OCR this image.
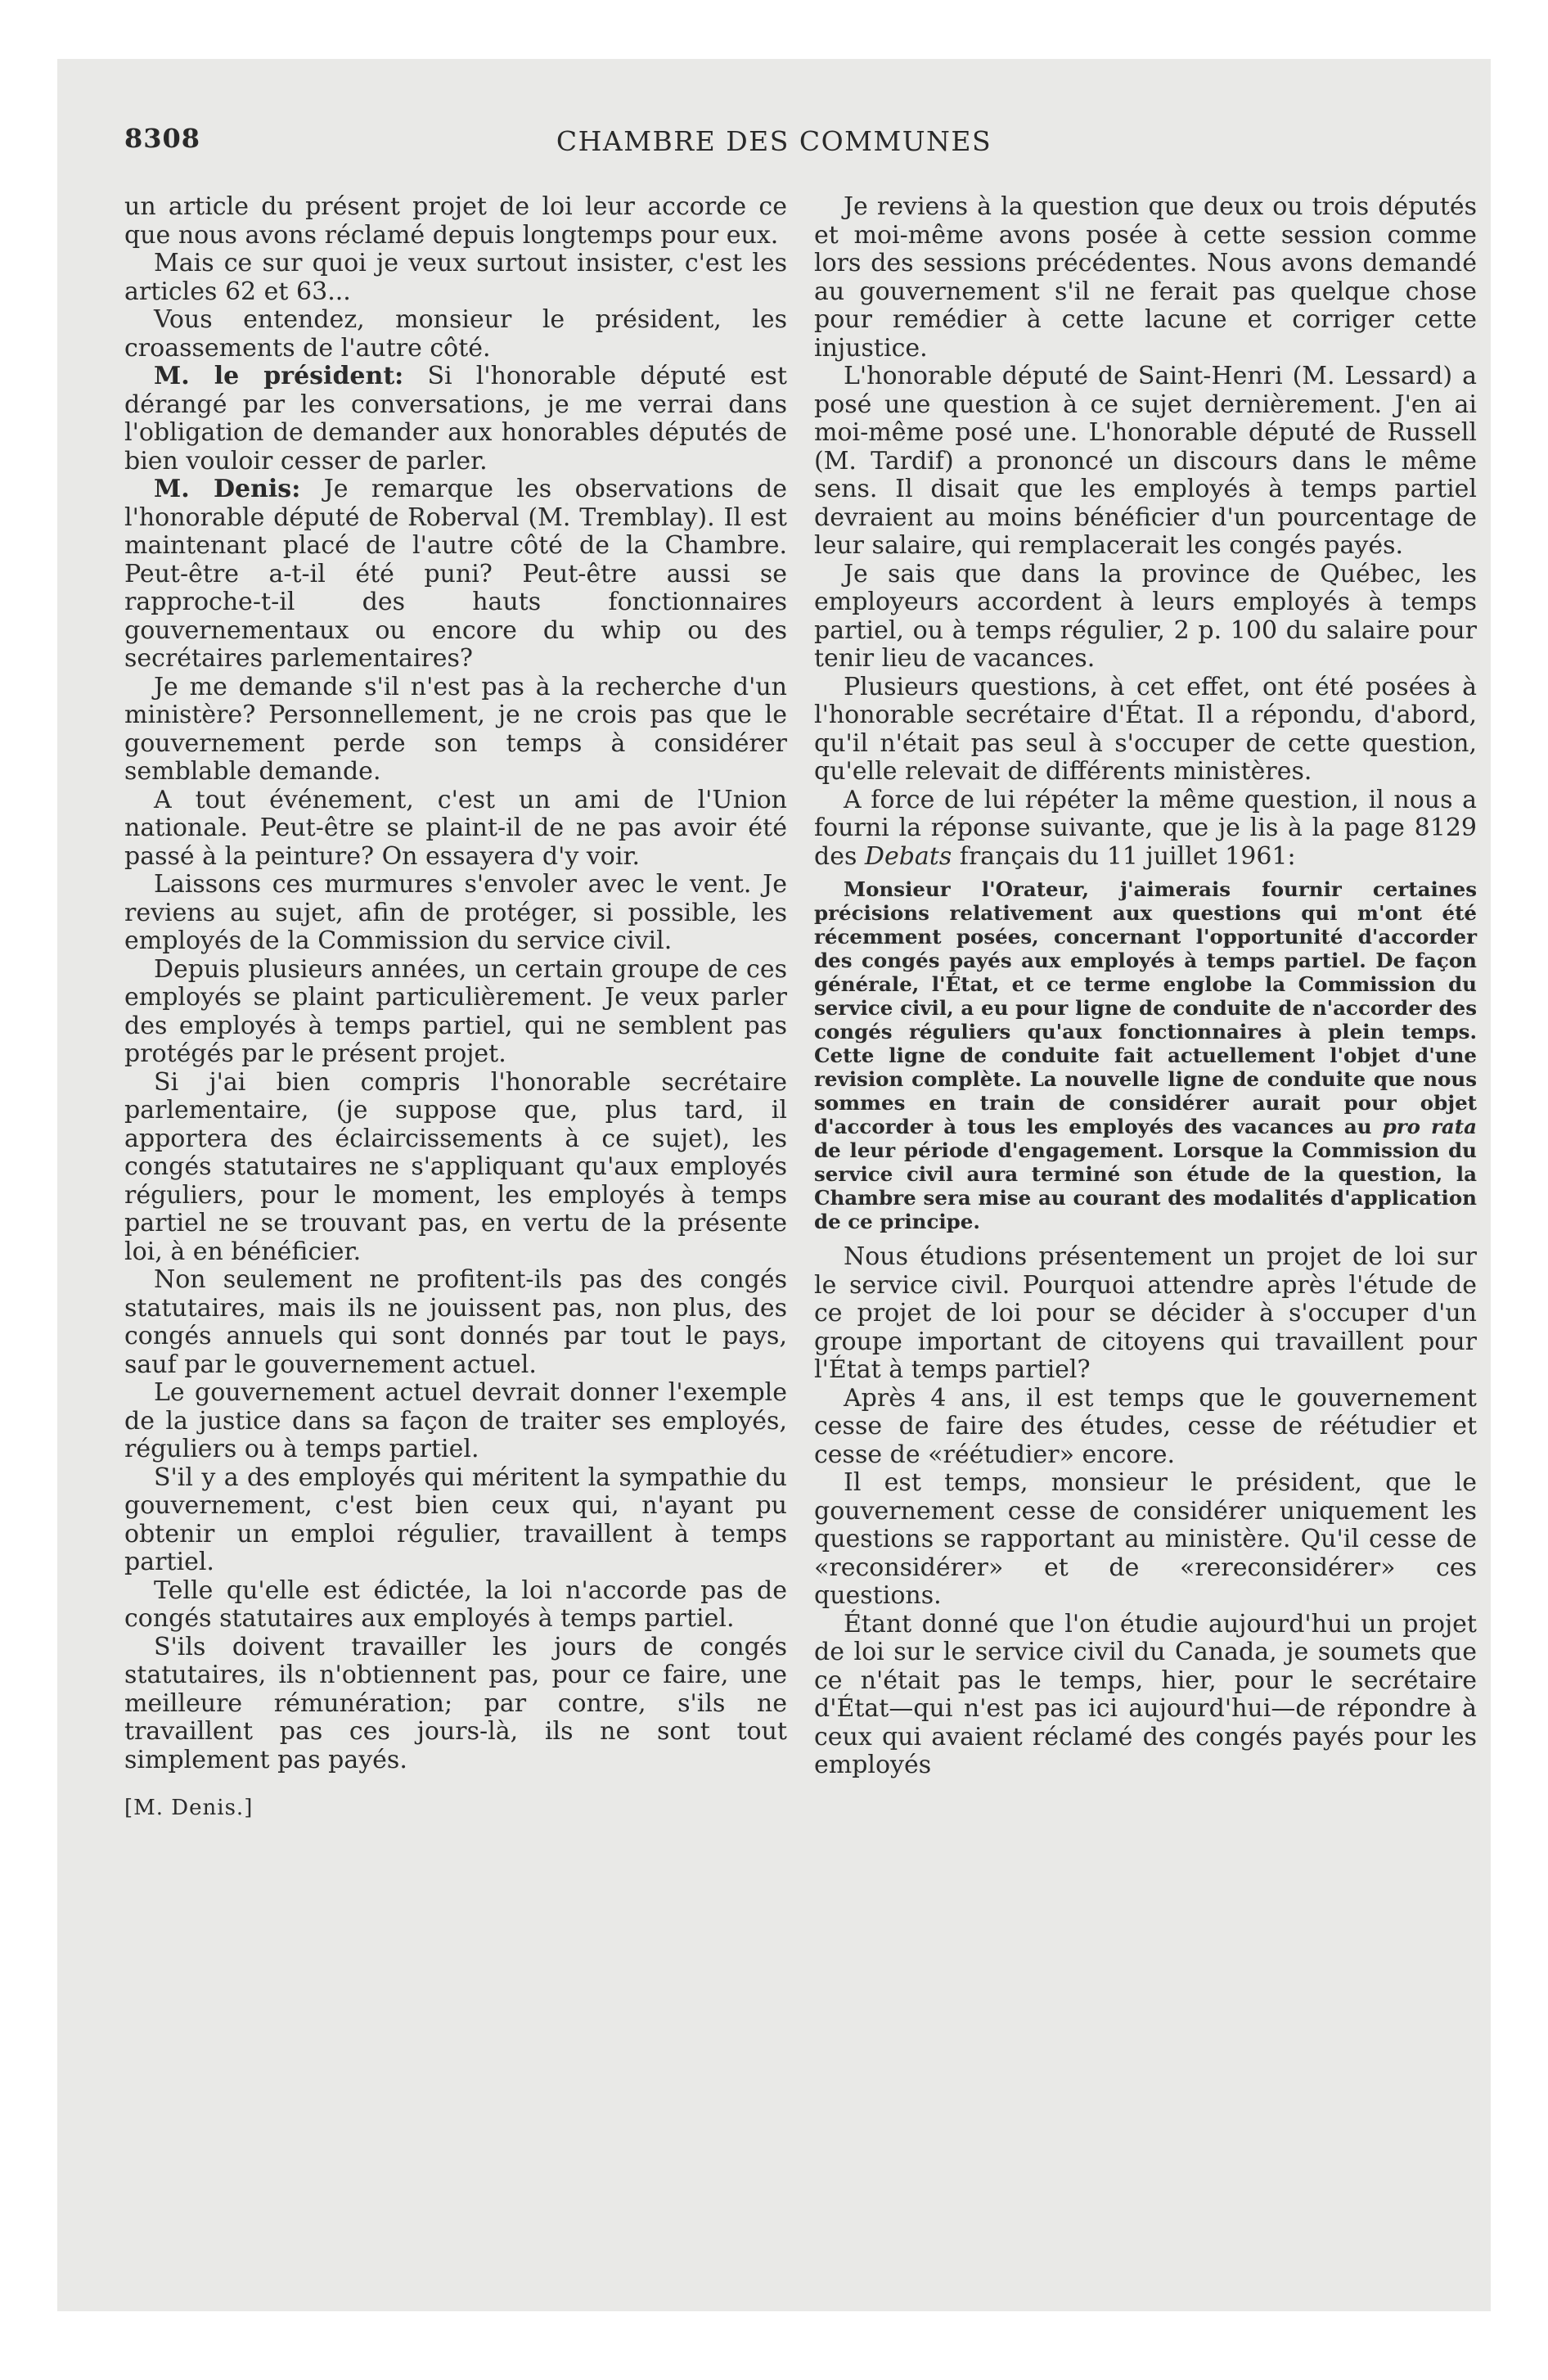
8308	CHAMBRE DES COMMUNES

un article du présent projet de loi leur accorde ce que nous avons réclamé depuis longtemps pour eux.

Mais ce sur quoi je veux surtout insister, c'est les articles 62 et 63...

Vous entendez, monsieur le président, les croassements de l'autre côté.

M. le président: Si l'honorable député est dérangé par les conversations, je me verrai dans l'obligation de demander aux honorables députés de bien vouloir cesser de parler.

M. Denis: Je remarque les observations de l'honorable député de Roberval (M. Tremblay). Il est maintenant placé de l'autre côté de la Chambre. Peut-être a-t-il été puni? Peut-être aussi se rapproche-t-il des hauts fonctionnaires gouvernementaux ou encore du whip ou des secrétaires parlementaires?

Je me demande s'il n'est pas à la recherche d'un ministère? Personnellement, je ne crois pas que le gouvernement perde son temps à considérer semblable demande.

A tout événement, c'est un ami de l'Union nationale. Peut-être se plaint-il de ne pas avoir été passé à la peinture? On essayera d'y voir.

Laissons ces murmures s'envoler avec le vent. Je reviens au sujet, afin de protéger, si possible, les employés de la Commission du service civil.

Depuis plusieurs années, un certain groupe de ces employés se plaint particulièrement. Je veux parler des employés à temps partiel, qui ne semblent pas protégés par le présent projet.

Si j'ai bien compris l'honorable secrétaire parlementaire, (je suppose que, plus tard, il apportera des éclaircissements à ce sujet), les congés statutaires ne s'appliquant qu'aux employés réguliers, pour le moment, les employés à temps partiel ne se trouvant pas, en vertu de la présente loi, à en bénéficier.

Non seulement ne profitent-ils pas des congés statutaires, mais ils ne jouissent pas, non plus, des congés annuels qui sont donnés par tout le pays, sauf par le gouvernement actuel.

Le gouvernement actuel devrait donner l'exemple de la justice dans sa façon de traiter ses employés, réguliers ou à temps partiel.

S'il y a des employés qui méritent la sympathie du gouvernement, c'est bien ceux qui, n'ayant pu obtenir un emploi régulier, travaillent à temps partiel.

Telle qu'elle est édictée, la loi n'accorde pas de congés statutaires aux employés à temps partiel.

S'ils doivent travailler les jours de congés statutaires, ils n'obtiennent pas, pour ce faire, une meilleure rémunération; par contre, s'ils ne travaillent pas ces jours-là, ils ne sont tout simplement pas payés.

[M. Denis.]

Je reviens à la question que deux ou trois députés et moi-même avons posée à cette session comme lors des sessions précédentes. Nous avons demandé au gouvernement s'il ne ferait pas quelque chose pour remédier à cette lacune et corriger cette injustice.

L'honorable député de Saint-Henri (M. Lessard) a posé une question à ce sujet dernièrement. J'en ai moi-même posé une. L'honorable député de Russell (M. Tardif) a prononcé un discours dans le même sens. Il disait que les employés à temps partiel devraient au moins bénéficier d'un pourcentage de leur salaire, qui remplacerait les congés payés.

Je sais que dans la province de Québec, les employeurs accordent à leurs employés à temps partiel, ou à temps régulier, 2 p. 100 du salaire pour tenir lieu de vacances.

Plusieurs questions, à cet effet, ont été posées à l'honorable secrétaire d'État. Il a répondu, d'abord, qu'il n'était pas seul à s'occuper de cette question, qu'elle relevait de différents ministères.

A force de lui répéter la même question, il nous a fourni la réponse suivante, que je lis à la page 8129 des Debats français du 11 juillet 1961:

Monsieur l'Orateur, j'aimerais fournir certaines précisions relativement aux questions qui m'ont été récemment posées, concernant l'opportunité d'accorder des congés payés aux employés à temps partiel. De façon générale, l'État, et ce terme englobe la Commission du service civil, a eu pour ligne de conduite de n'accorder des congés réguliers qu'aux fonctionnaires à plein temps. Cette ligne de conduite fait actuellement l'objet d'une revision complète. La nouvelle ligne de conduite que nous sommes en train de considérer aurait pour objet d'accorder à tous les employés des vacances au pro rata de leur période d'engagement. Lorsque la Commission du service civil aura terminé son étude de la question, la Chambre sera mise au courant des modalités d'application de ce principe.

Nous étudions présentement un projet de loi sur le service civil. Pourquoi attendre après l'étude de ce projet de loi pour se décider à s'occuper d'un groupe important de citoyens qui travaillent pour l'État à temps partiel?

Après 4 ans, il est temps que le gouvernement cesse de faire des études, cesse de réétudier et cesse de «réétudier» encore.

Il est temps, monsieur le président, que le gouvernement cesse de considérer uniquement les questions se rapportant au ministère. Qu'il cesse de «reconsidérer» et de «rereconsidérer» ces questions.

Étant donné que l'on étudie aujourd'hui un projet de loi sur le service civil du Canada, je soumets que ce n'était pas le temps, hier, pour le secrétaire d'État—qui n'est pas ici aujourd'hui—de répondre à ceux qui avaient réclamé des congés payés pour les employés
